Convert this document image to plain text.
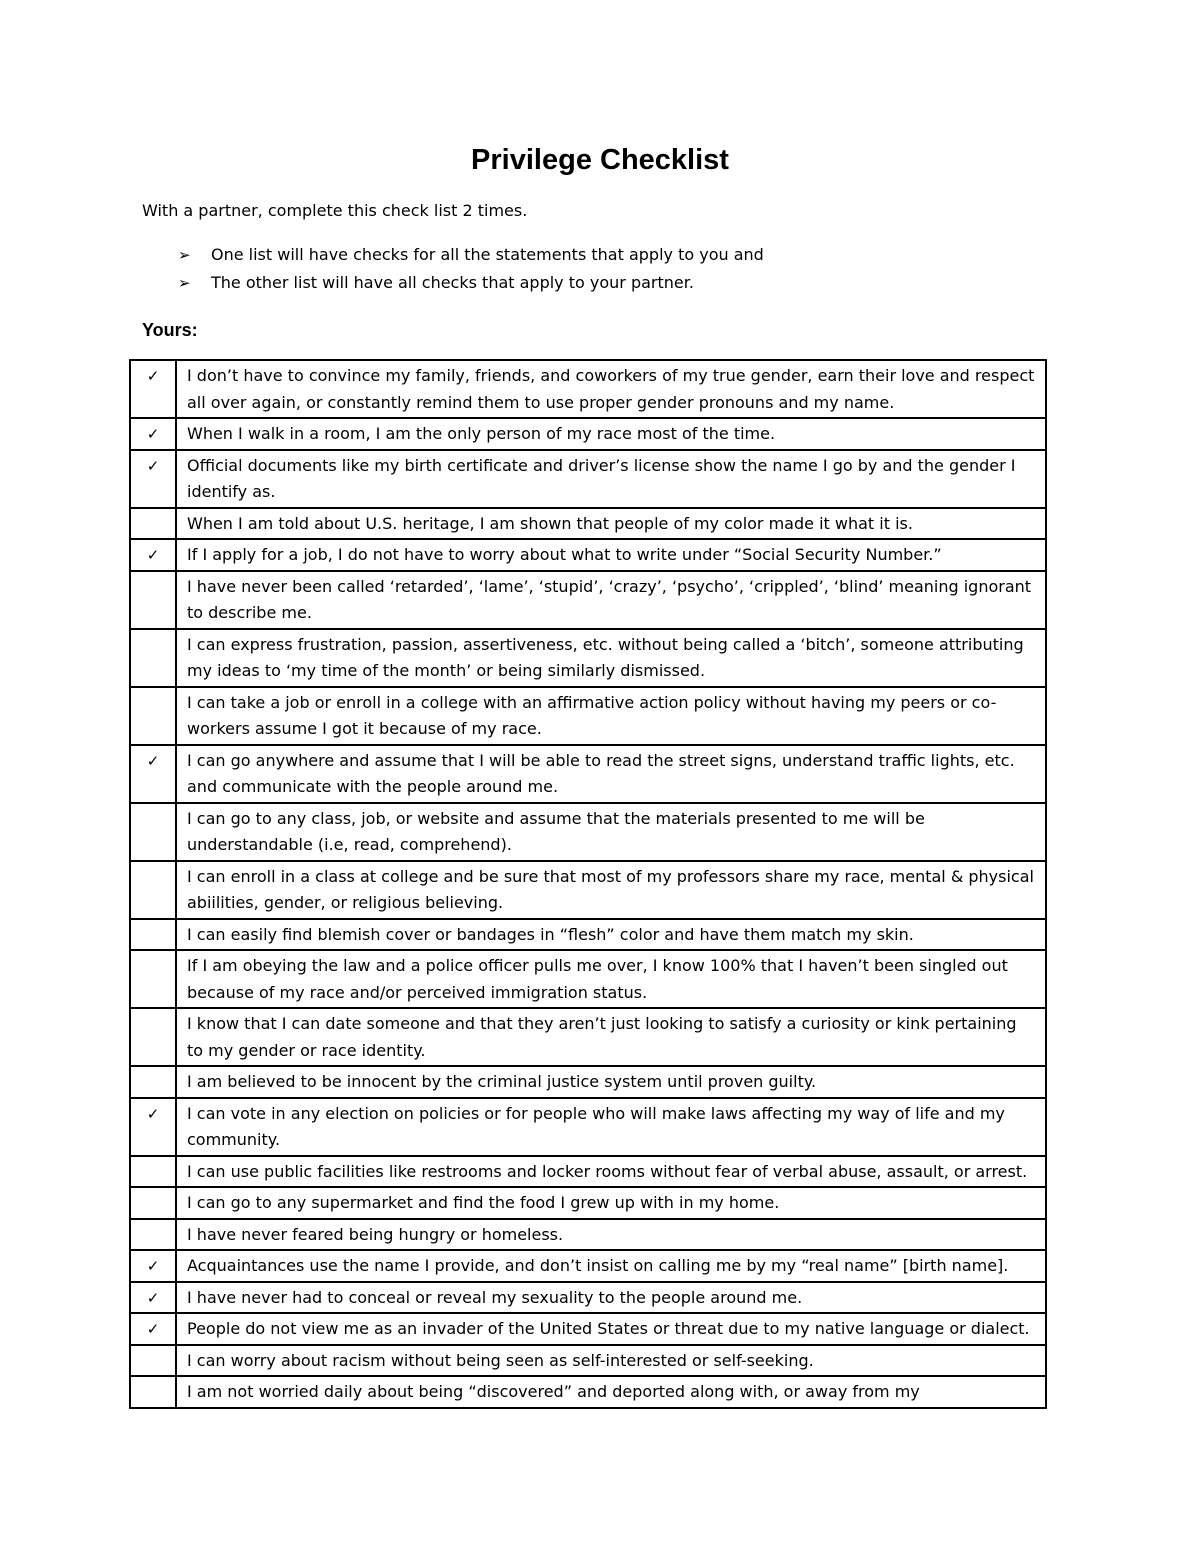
Privilege Checklist
With a partner, complete this check list 2 times.
➢	One list will have checks for all the statements that apply to you and
➢	The other list will have all checks that apply to your partner.
Yours:
✓	I don’t have to convince my family, friends, and coworkers of my true gender, earn their love and respect all over again, or constantly remind them to use proper gender pronouns and my name.
✓	When I walk in a room, I am the only person of my race most of the time.
✓	Official documents like my birth certificate and driver’s license show the name I go by and the gender I identify as.
	When I am told about U.S. heritage, I am shown that people of my color made it what it is.
✓	If I apply for a job, I do not have to worry about what to write under “Social Security Number.”
	I have never been called ‘retarded’, ‘lame’, ‘stupid’, ‘crazy’, ‘psycho’, ‘crippled’, ‘blind’ meaning ignorant to describe me.
	I can express frustration, passion, assertiveness, etc. without being called a ‘bitch’, someone attributing my ideas to ‘my time of the month’ or being similarly dismissed.
	I can take a job or enroll in a college with an affirmative action policy without having my peers or co-workers assume I got it because of my race.
✓	I can go anywhere and assume that I will be able to read the street signs, understand traffic lights, etc. and communicate with the people around me.
	I can go to any class, job, or website and assume that the materials presented to me will be understandable (i.e, read, comprehend).
	I can enroll in a class at college and be sure that most of my professors share my race, mental & physical abiilities, gender, or religious believing.
	I can easily find blemish cover or bandages in “flesh” color and have them match my skin.
	If I am obeying the law and a police officer pulls me over, I know 100% that I haven’t been singled out because of my race and/or perceived immigration status.
	I know that I can date someone and that they aren’t just looking to satisfy a curiosity or kink pertaining to my gender or race identity.
	I am believed to be innocent by the criminal justice system until proven guilty.
✓	I can vote in any election on policies or for people who will make laws affecting my way of life and my community.
	I can use public facilities like restrooms and locker rooms without fear of verbal abuse, assault, or arrest.
	I can go to any supermarket and find the food I grew up with in my home.
	I have never feared being hungry or homeless.
✓	Acquaintances use the name I provide, and don’t insist on calling me by my “real name” [birth name].
✓	I have never had to conceal or reveal my sexuality to the people around me.
✓	People do not view me as an invader of the United States or threat due to my native language or dialect.
	I can worry about racism without being seen as self-interested or self-seeking.
	I am not worried daily about being “discovered” and deported along with, or away from my
